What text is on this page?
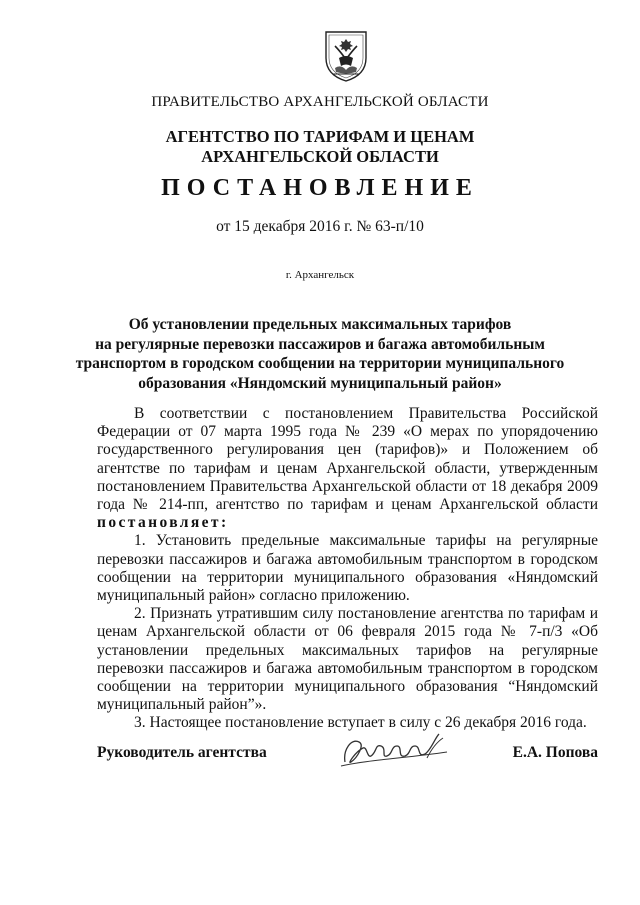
ПРАВИТЕЛЬСТВО АРХАНГЕЛЬСКОЙ ОБЛАСТИ
АГЕНТСТВО ПО ТАРИФАМ И ЦЕНАМ
АРХАНГЕЛЬСКОЙ ОБЛАСТИ
ПОСТАНОВЛЕНИЕ
от 15 декабря 2016 г. № 63-п/10
г. Архангельск
Об установлении предельных максимальных тарифов
на регулярные перевозки пассажиров и багажа автомобильным
транспортом в городском сообщении на территории муниципального
образования «Няндомский муниципальный район»

В соответствии с постановлением Правительства Российской Федерации от 07 марта 1995 года № 239 «О мерах по упорядочению государственного регулирования цен (тарифов)» и Положением об агентстве по тарифам и ценам Архангельской области, утвержденным постановлением Правительства Архангельской области от 18 декабря 2009 года № 214-пп, агентство по тарифам и ценам Архангельской области постановляет:

1. Установить предельные максимальные тарифы на регулярные перевозки пассажиров и багажа автомобильным транспортом в городском сообщении на территории муниципального образования «Няндомский муниципальный район» согласно приложению.

2. Признать утратившим силу постановление агентства по тарифам и ценам Архангельской области от 06 февраля 2015 года № 7-п/3 «Об установлении предельных максимальных тарифов на регулярные перевозки пассажиров и багажа автомобильным транспортом в городском сообщении на территории муниципального образования “Няндомский муниципальный район”».

3. Настоящее постановление вступает в силу с 26 декабря 2016 года.

Руководитель агентства	Е.А. Попова
